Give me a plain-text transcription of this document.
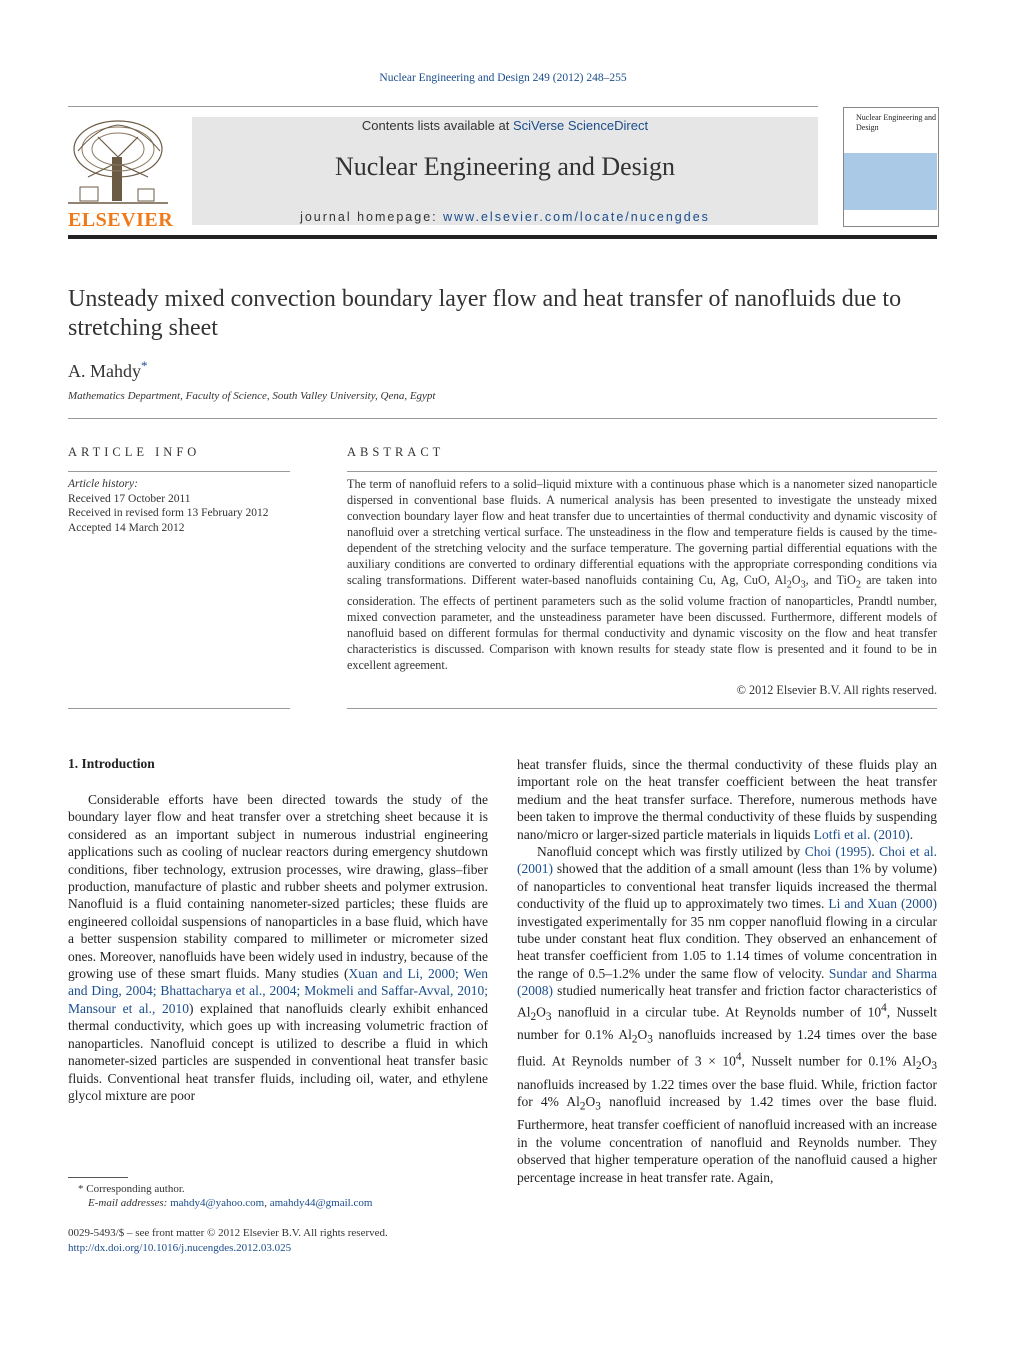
Nuclear Engineering and Design 249 (2012) 248–255
ELSEVIER
Contents lists available at SciVerse ScienceDirect
Nuclear Engineering and Design
journal homepage: www.elsevier.com/locate/nucengdes
Nuclear Engineering and Design
Unsteady mixed convection boundary layer flow and heat transfer of nanofluids due to stretching sheet
A. Mahdy*
Mathematics Department, Faculty of Science, South Valley University, Qena, Egypt
ARTICLE INFO
Article history:
Received 17 October 2011
Received in revised form 13 February 2012
Accepted 14 March 2012
ABSTRACT
The term of nanofluid refers to a solid–liquid mixture with a continuous phase which is a nanometer sized nanoparticle dispersed in conventional base fluids. A numerical analysis has been presented to investigate the unsteady mixed convection boundary layer flow and heat transfer due to uncertainties of thermal conductivity and dynamic viscosity of nanofluid over a stretching vertical surface. The unsteadiness in the flow and temperature fields is caused by the time-dependent of the stretching velocity and the surface temperature. The governing partial differential equations with the auxiliary conditions are converted to ordinary differential equations with the appropriate corresponding conditions via scaling transformations. Different water-based nanofluids containing Cu, Ag, CuO, $Al_2O_3$, and TiO$_2$ are taken into consideration. The effects of pertinent parameters such as the solid volume fraction of nanoparticles, Prandtl number, mixed convection parameter, and the unsteadiness parameter have been discussed. Furthermore, different models of nanofluid based on different formulas for thermal conductivity and dynamic viscosity on the flow and heat transfer characteristics is discussed. Comparison with known results for steady state flow is presented and it found to be in excellent agreement.
© 2012 Elsevier B.V. All rights reserved.
1. Introduction

Considerable efforts have been directed towards the study of the boundary layer flow and heat transfer over a stretching sheet because it is considered as an important subject in numerous industrial engineering applications such as cooling of nuclear reactors during emergency shutdown conditions, fiber technology, extrusion processes, wire drawing, glass–fiber production, manufacture of plastic and rubber sheets and polymer extrusion. Nanofluid is a fluid containing nanometer-sized particles; these fluids are engineered colloidal suspensions of nanoparticles in a base fluid, which have a better suspension stability compared to millimeter or micrometer sized ones. Moreover, nanofluids have been widely used in industry, because of the growing use of these smart fluids. Many studies (Xuan and Li, 2000; Wen and Ding, 2004; Bhattacharya et al., 2004; Mokmeli and Saffar-Avval, 2010; Mansour et al., 2010) explained that nanofluids clearly exhibit enhanced thermal conductivity, which goes up with increasing volumetric fraction of nanoparticles. Nanofluid concept is utilized to describe a fluid in which nanometer-sized particles are suspended in conventional heat transfer basic fluids. Conventional heat transfer fluids, including oil, water, and ethylene glycol mixture are poor

heat transfer fluids, since the thermal conductivity of these fluids play an important role on the heat transfer coefficient between the heat transfer medium and the heat transfer surface. Therefore, numerous methods have been taken to improve the thermal conductivity of these fluids by suspending nano/micro or larger-sized particle materials in liquids Lotfi et al. (2010).

Nanofluid concept which was firstly utilized by Choi (1995). Choi et al. (2001) showed that the addition of a small amount (less than 1% by volume) of nanoparticles to conventional heat transfer liquids increased the thermal conductivity of the fluid up to approximately two times. Li and Xuan (2000) investigated experimentally for 35 nm copper nanofluid flowing in a circular tube under constant heat flux condition. They observed an enhancement of heat transfer coefficient from 1.05 to 1.14 times of volume concentration in the range of 0.5–1.2% under the same flow of velocity. Sundar and Sharma (2008) studied numerically heat transfer and friction factor characteristics of $Al_2O_3$ nanofluid in a circular tube. At Reynolds number of $10^4$, Nusselt number for 0.1% $Al_2O_3$ nanofluids increased by 1.24 times over the base fluid. At Reynolds number of $3 \times 10^4$, Nusselt number for 0.1% $Al_2O_3$ nanofluids increased by 1.22 times over the base fluid. While, friction factor for 4% $Al_2O_3$ nanofluid increased by 1.42 times over the base fluid. Furthermore, heat transfer coefficient of nanofluid increased with an increase in the volume concentration of nanofluid and Reynolds number. They observed that higher temperature operation of the nanofluid caused a higher percentage increase in heat transfer rate. Again,

* Corresponding author.
E-mail addresses: mahdy4@yahoo.com, amahdy44@gmail.com
0029-5493/$ – see front matter © 2012 Elsevier B.V. All rights reserved.
http://dx.doi.org/10.1016/j.nucengdes.2012.03.025
